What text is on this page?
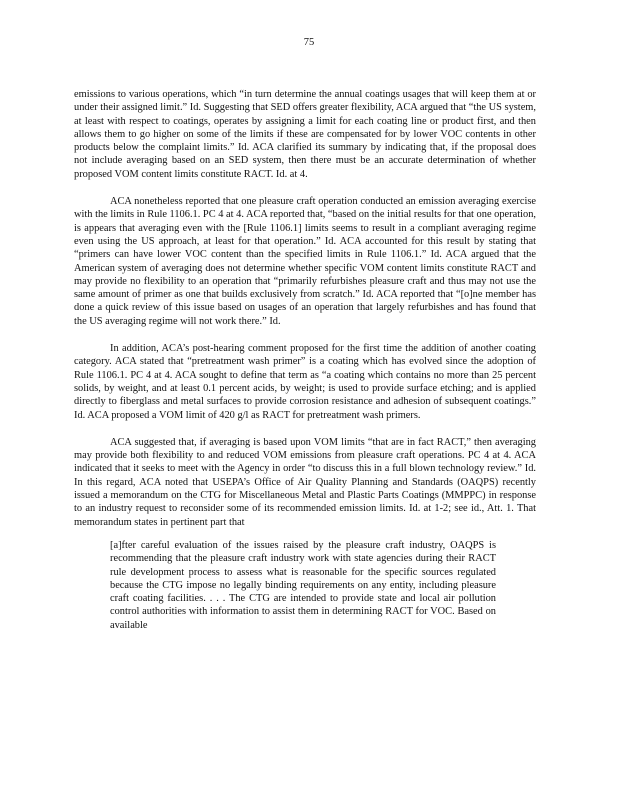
75

emissions to various operations, which “in turn determine the annual coatings usages that will keep them at or under their assigned limit.” Id. Suggesting that SED offers greater flexibility, ACA argued that “the US system, at least with respect to coatings, operates by assigning a limit for each coating line or product first, and then allows them to go higher on some of the limits if these are compensated for by lower VOC contents in other products below the complaint limits.” Id. ACA clarified its summary by indicating that, if the proposal does not include averaging based on an SED system, then there must be an accurate determination of whether proposed VOM content limits constitute RACT. Id. at 4.

ACA nonetheless reported that one pleasure craft operation conducted an emission averaging exercise with the limits in Rule 1106.1. PC 4 at 4. ACA reported that, “based on the initial results for that one operation, is appears that averaging even with the [Rule 1106.1] limits seems to result in a compliant averaging regime even using the US approach, at least for that operation.” Id. ACA accounted for this result by stating that “primers can have lower VOC content than the specified limits in Rule 1106.1.” Id. ACA argued that the American system of averaging does not determine whether specific VOM content limits constitute RACT and may provide no flexibility to an operation that “primarily refurbishes pleasure craft and thus may not use the same amount of primer as one that builds exclusively from scratch.” Id. ACA reported that “[o]ne member has done a quick review of this issue based on usages of an operation that largely refurbishes and has found that the US averaging regime will not work there.” Id.

In addition, ACA’s post-hearing comment proposed for the first time the addition of another coating category. ACA stated that “pretreatment wash primer” is a coating which has evolved since the adoption of Rule 1106.1. PC 4 at 4. ACA sought to define that term as “a coating which contains no more than 25 percent solids, by weight, and at least 0.1 percent acids, by weight; is used to provide surface etching; and is applied directly to fiberglass and metal surfaces to provide corrosion resistance and adhesion of subsequent coatings.” Id. ACA proposed a VOM limit of 420 g/l as RACT for pretreatment wash primers.

ACA suggested that, if averaging is based upon VOM limits “that are in fact RACT,” then averaging may provide both flexibility to and reduced VOM emissions from pleasure craft operations. PC 4 at 4. ACA indicated that it seeks to meet with the Agency in order “to discuss this in a full blown technology review.” Id. In this regard, ACA noted that USEPA’s Office of Air Quality Planning and Standards (OAQPS) recently issued a memorandum on the CTG for Miscellaneous Metal and Plastic Parts Coatings (MMPPC) in response to an industry request to reconsider some of its recommended emission limits. Id. at 1-2; see id., Att. 1. That memorandum states in pertinent part that

[a]fter careful evaluation of the issues raised by the pleasure craft industry, OAQPS is recommending that the pleasure craft industry work with state agencies during their RACT rule development process to assess what is reasonable for the specific sources regulated because the CTG impose no legally binding requirements on any entity, including pleasure craft coating facilities. . . . The CTG are intended to provide state and local air pollution control authorities with information to assist them in determining RACT for VOC. Based on available
